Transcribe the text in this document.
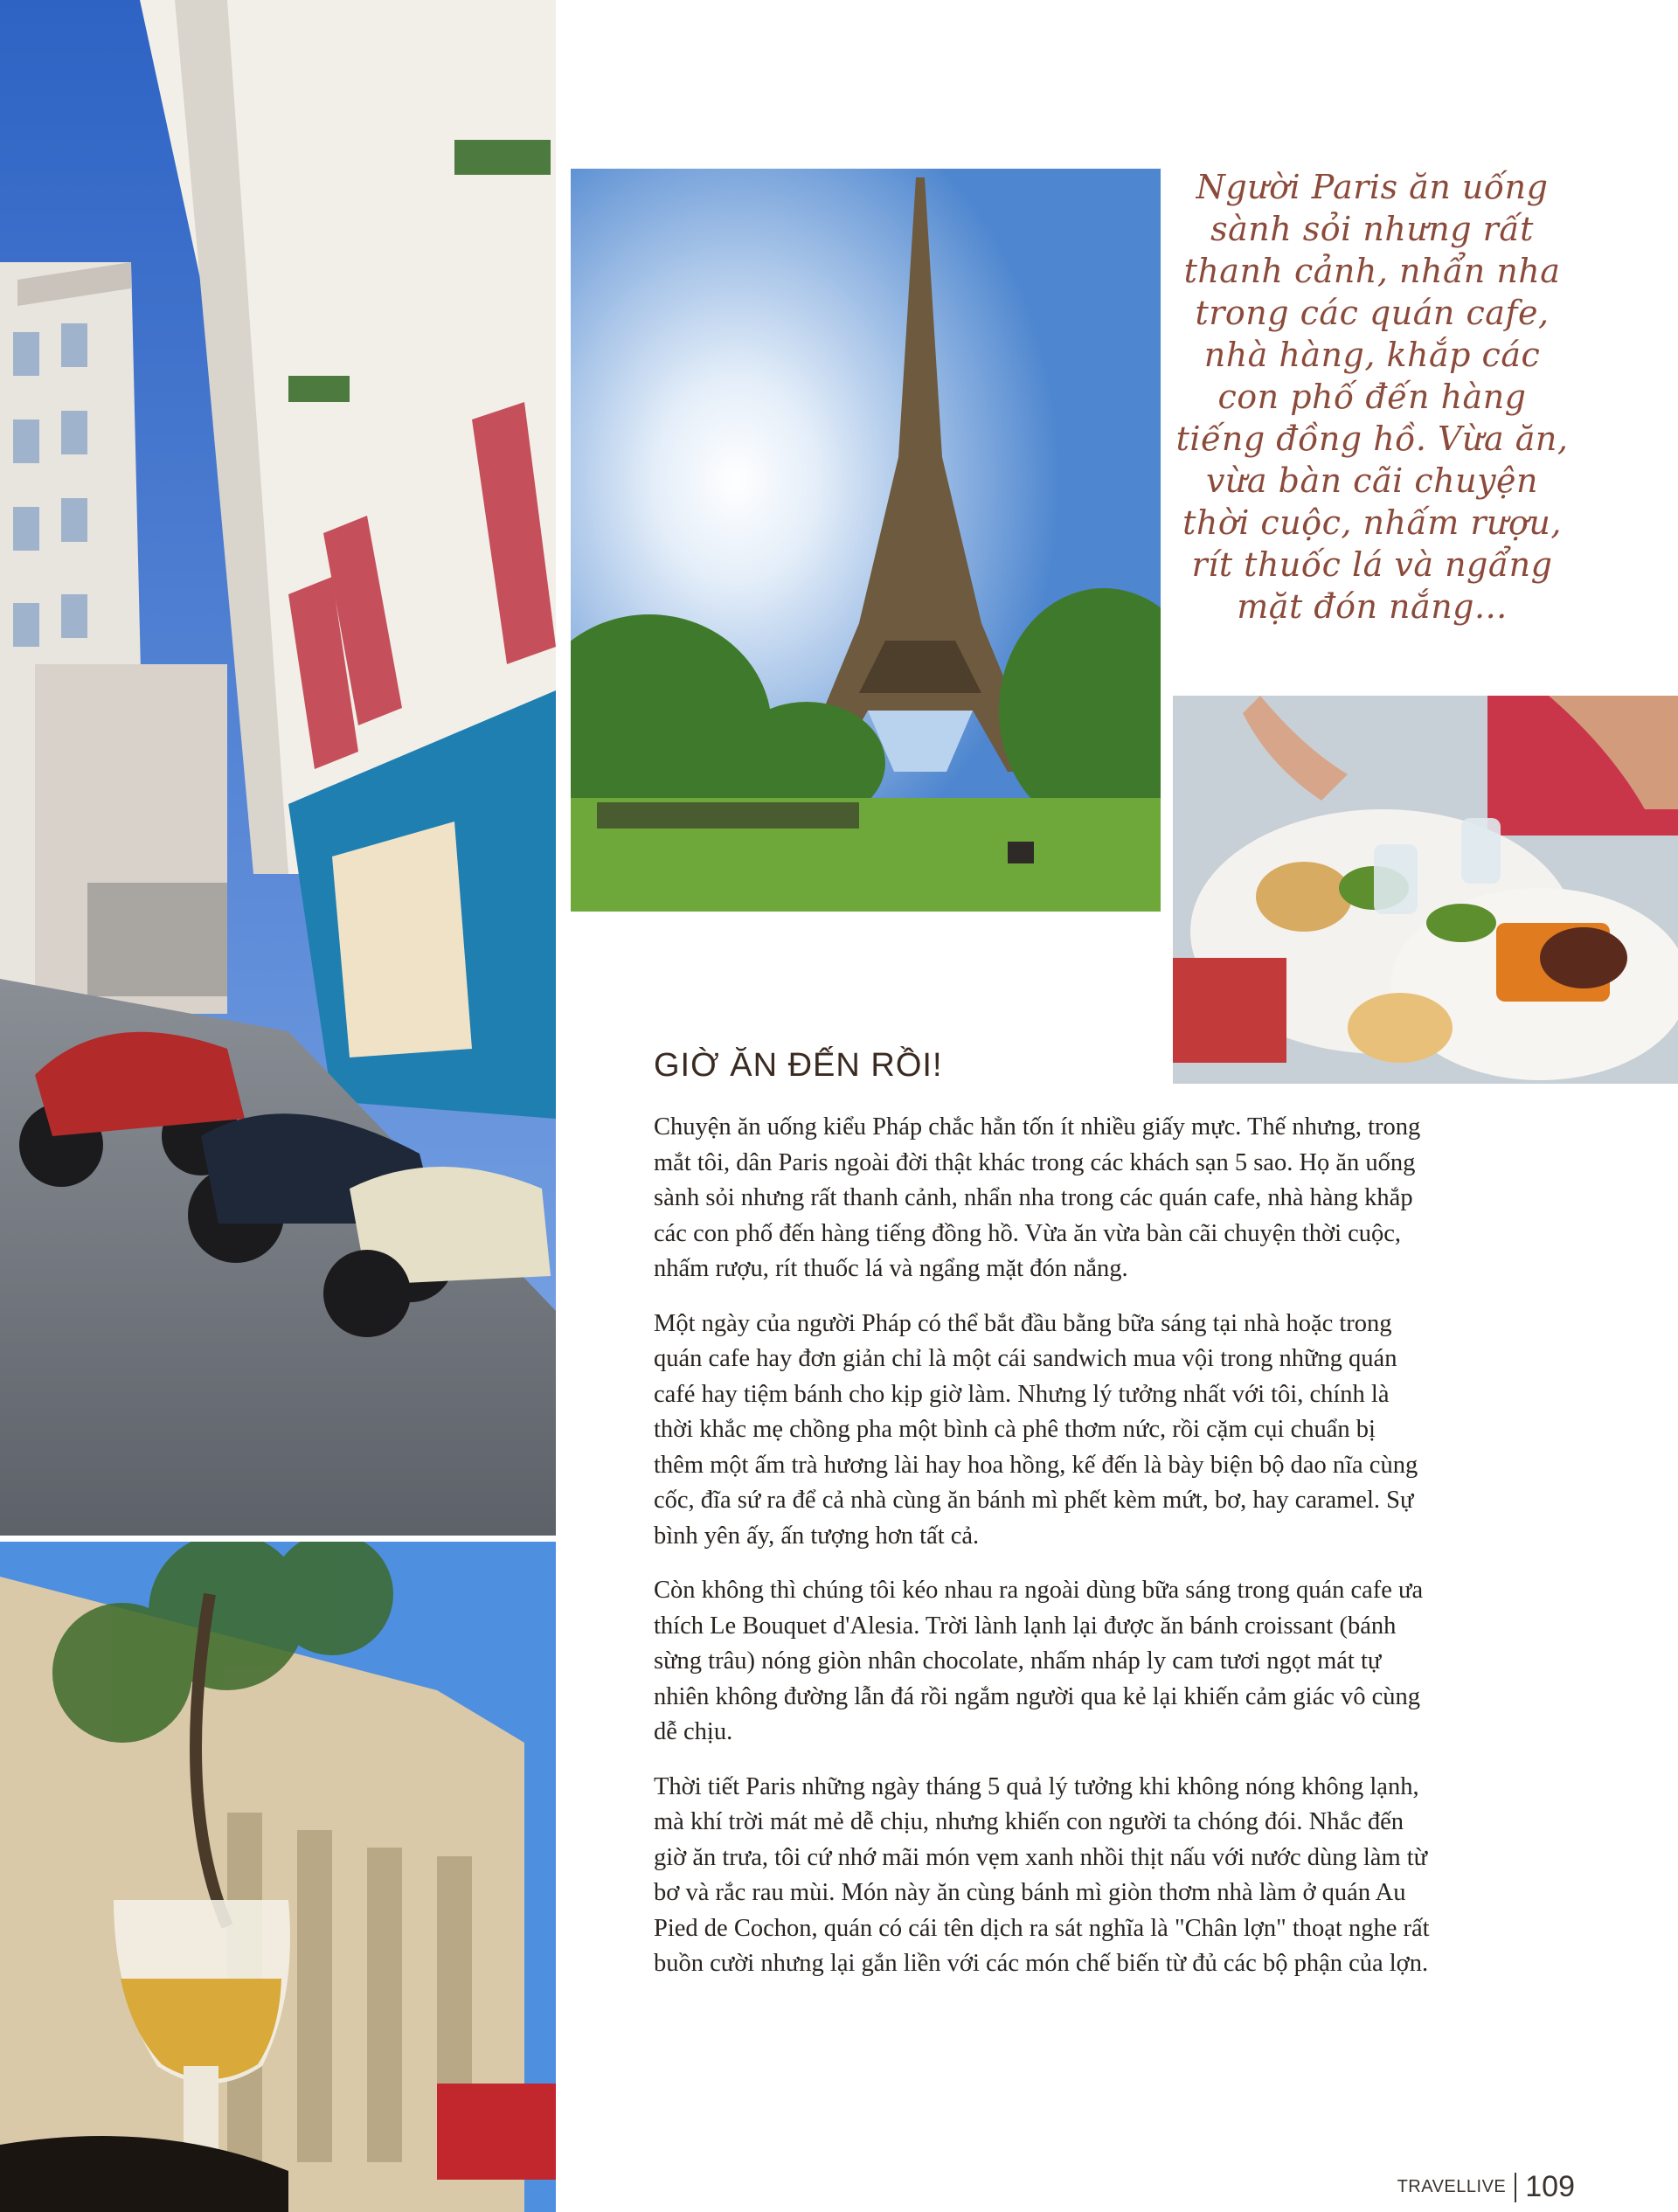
Người Paris ăn uống sành sỏi nhưng rất thanh cảnh, nhẩn nha trong các quán cafe, nhà hàng, khắp các con phố đến hàng tiếng đồng hồ. Vừa ăn, vừa bàn cãi chuyện thời cuộc, nhấm rượu, rít thuốc lá và ngẩng mặt đón nắng...

GIỜ ĂN ĐẾN RỒI!

Chuyện ăn uống kiểu Pháp chắc hẳn tốn ít nhiều giấy mực. Thế nhưng, trong mắt tôi, dân Paris ngoài đời thật khác trong các khách sạn 5 sao. Họ ăn uống sành sỏi nhưng rất thanh cảnh, nhẩn nha trong các quán cafe, nhà hàng khắp các con phố đến hàng tiếng đồng hồ. Vừa ăn vừa bàn cãi chuyện thời cuộc, nhấm rượu, rít thuốc lá và ngẩng mặt đón nắng.

Một ngày của người Pháp có thể bắt đầu bằng bữa sáng tại nhà hoặc trong quán cafe hay đơn giản chỉ là một cái sandwich mua vội trong những quán café hay tiệm bánh cho kịp giờ làm. Nhưng lý tưởng nhất với tôi, chính là thời khắc mẹ chồng pha một bình cà phê thơm nức, rồi cặm cụi chuẩn bị thêm một ấm trà hương lài hay hoa hồng, kế đến là bày biện bộ dao nĩa cùng cốc, đĩa sứ ra để cả nhà cùng ăn bánh mì phết kèm mứt, bơ, hay caramel. Sự bình yên ấy, ấn tượng hơn tất cả.

Còn không thì chúng tôi kéo nhau ra ngoài dùng bữa sáng trong quán cafe ưa thích Le Bouquet d'Alesia. Trời lành lạnh lại được ăn bánh croissant (bánh sừng trâu) nóng giòn nhân chocolate, nhấm nháp ly cam tươi ngọt mát tự nhiên không đường lẫn đá rồi ngắm người qua kẻ lại khiến cảm giác vô cùng dễ chịu.

Thời tiết Paris những ngày tháng 5 quả lý tưởng khi không nóng không lạnh, mà khí trời mát mẻ dễ chịu, nhưng khiến con người ta chóng đói. Nhắc đến giờ ăn trưa, tôi cứ nhớ mãi món vẹm xanh nhồi thịt nấu với nước dùng làm từ bơ và rắc rau mùi. Món này ăn cùng bánh mì giòn thơm nhà làm ở quán Au Pied de Cochon, quán có cái tên dịch ra sát nghĩa là "Chân lợn" thoạt nghe rất buồn cười nhưng lại gắn liền với các món chế biến từ đủ các bộ phận của lợn.

TRAVELLIVE 109
